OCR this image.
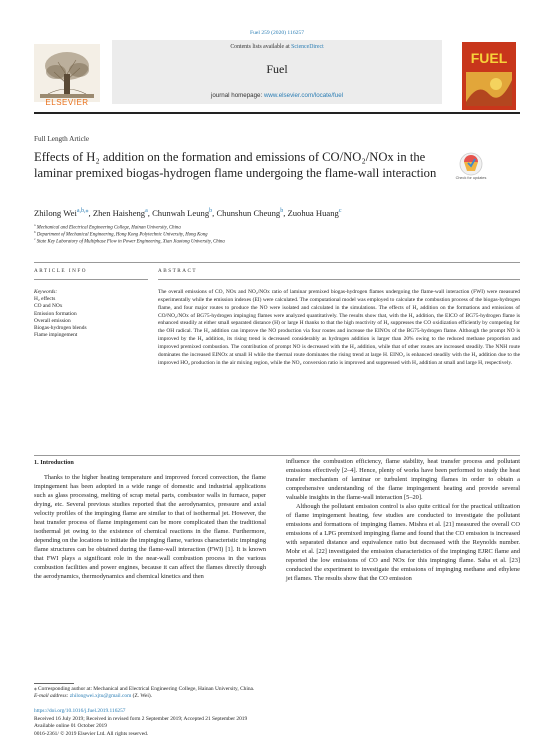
Fuel 259 (2020) 116257
ELSEVIER
Contents lists available at ScienceDirect
Fuel
journal homepage: www.elsevier.com/locate/fuel
FUEL
Full Length Article
Effects of H₂ addition on the formation and emissions of CO/NO₂/NOx in the laminar premixed biogas-hydrogen flame undergoing the flame-wall interaction	Check for updates
Zhilong Wei$^{a,b,⁎}$, Zhen Haisheng$^a$, Chunwah Leung$^b$, Chunshun Cheung$^b$, Zuohua Huang$^c$
$^a$ Mechanical and Electrical Engineering College, Hainan University, China
$^b$ Department of Mechanical Engineering, Hong Kong Polytechnic University, Hong Kong
$^c$ State Key Laboratory of Multiphase Flow in Power Engineering, Xian Jiaotong University, China
ARTICLE INFO	ABSTRACT
Keywords:
H₂ effects
CO and NOx
Emission formation
Overall emission
Biogas-hydrogen blends
Flame impingement
The overall emissions of CO, NOx and NO₂/NOx ratio of laminar premixed biogas-hydrogen flames undergoing the flame-wall interaction (FWI) were measured experimentally while the emission indexes (EI) were calculated. The computational model was employed to calculate the combustion process of the biogas-hydrogen flame, and four major routes to produce the NO were isolated and calculated in the simulations. The effects of H₂ addition on the formations and emissions of CO/NO₂/NOx of BG75-hydrogen impinging flames were analyzed quantitatively. The results show that, with the H₂ addition, the EICO of BG75-hydrogen flame is enhanced steadily at either small separated distance (H) or large H thanks to that the high reactivity of H₂ suppresses the CO oxidization efficiently by competing for the OH radical. The H₂ addition can improve the NO production via four routes and increase the EINOx of the BG75-hydrogen flame. Although the prompt NO is improved by the H₂ addition, its rising trend is decreased considerably as hydrogen addition is larger than 20% owing to the reduced methane proportion and improved premixed combustion. The contribution of prompt NO is decreased with the H₂ addition, while that of other routes are increased steadily. The NNH route dominates the increased EINOx at small H while the thermal route dominates the rising trend at large H. EINO₂ is enhanced steadily with the H₂ addition due to the improved HO₂ production in the air mixing region, while the NO₂ conversion ratio is improved and suppressed with H₂ addition at small and large H, respectively.
1. Introduction

Thanks to the higher heating temperature and improved forced convection, the flame impingement has been adopted in a wide range of domestic and industrial applications such as glass processing, melting of scrap metal parts, combustor walls in furnace, paper drying, etc. Several previous studies reported that the aerodynamics, pressure and axial velocity profiles of the impinging flame are similar to that of isothermal jet. However, the heat transfer process of flame impingement can be more complicated than the traditional isothermal jet owing to the existence of chemical reactions in the flame. Furthermore, depending on the locations to initiate the impinging flame, various characteristic impinging flame structures can be obtained during the flame-wall interaction (FWI) [1]. It is known that FWI plays a significant role in the near-wall combustion process in the various combustion facilities and power engines, because it can affect the flames directly through the aerodynamics, thermodynamics and chemical kinetics and then

influence the combustion efficiency, flame stability, heat transfer process and pollutant emissions effectively [2–4]. Hence, plenty of works have been performed to study the heat transfer mechanism of laminar or turbulent impinging flames in order to obtain a comprehensive understanding of the flame impingement heating and provide several valuable insights in the flame-wall interaction [5–20].

Although the pollutant emission control is also quite critical for the practical utilization of flame impingement heating, few studies are conducted to investigate the pollutant emissions and formations of impinging flames. Mishra et al. [21] measured the overall CO emissions of a LPG premixed impinging flame and found that the CO emission is increased with separated distance and equivalence ratio but decreased with the Reynolds number. Mohr et al. [22] investigated the emission characteristics of the impinging EJRC flame and reported the low emissions of CO and NOx for this impinging flame. Saha et al. [23] conducted the experiment to investigate the emissions of impinging methane and ethylene jet flames. The results show that the CO emission

⁎ Corresponding author at: Mechanical and Electrical Engineering College, Hainan University, China.
E-mail address: zhilongwei.xjtu@gmail.com (Z. Wei).
https://doi.org/10.1016/j.fuel.2019.116257
Received 16 July 2019; Received in revised form 2 September 2019; Accepted 21 September 2019
Available online 01 October 2019
0016-2361/ © 2019 Elsevier Ltd. All rights reserved.
